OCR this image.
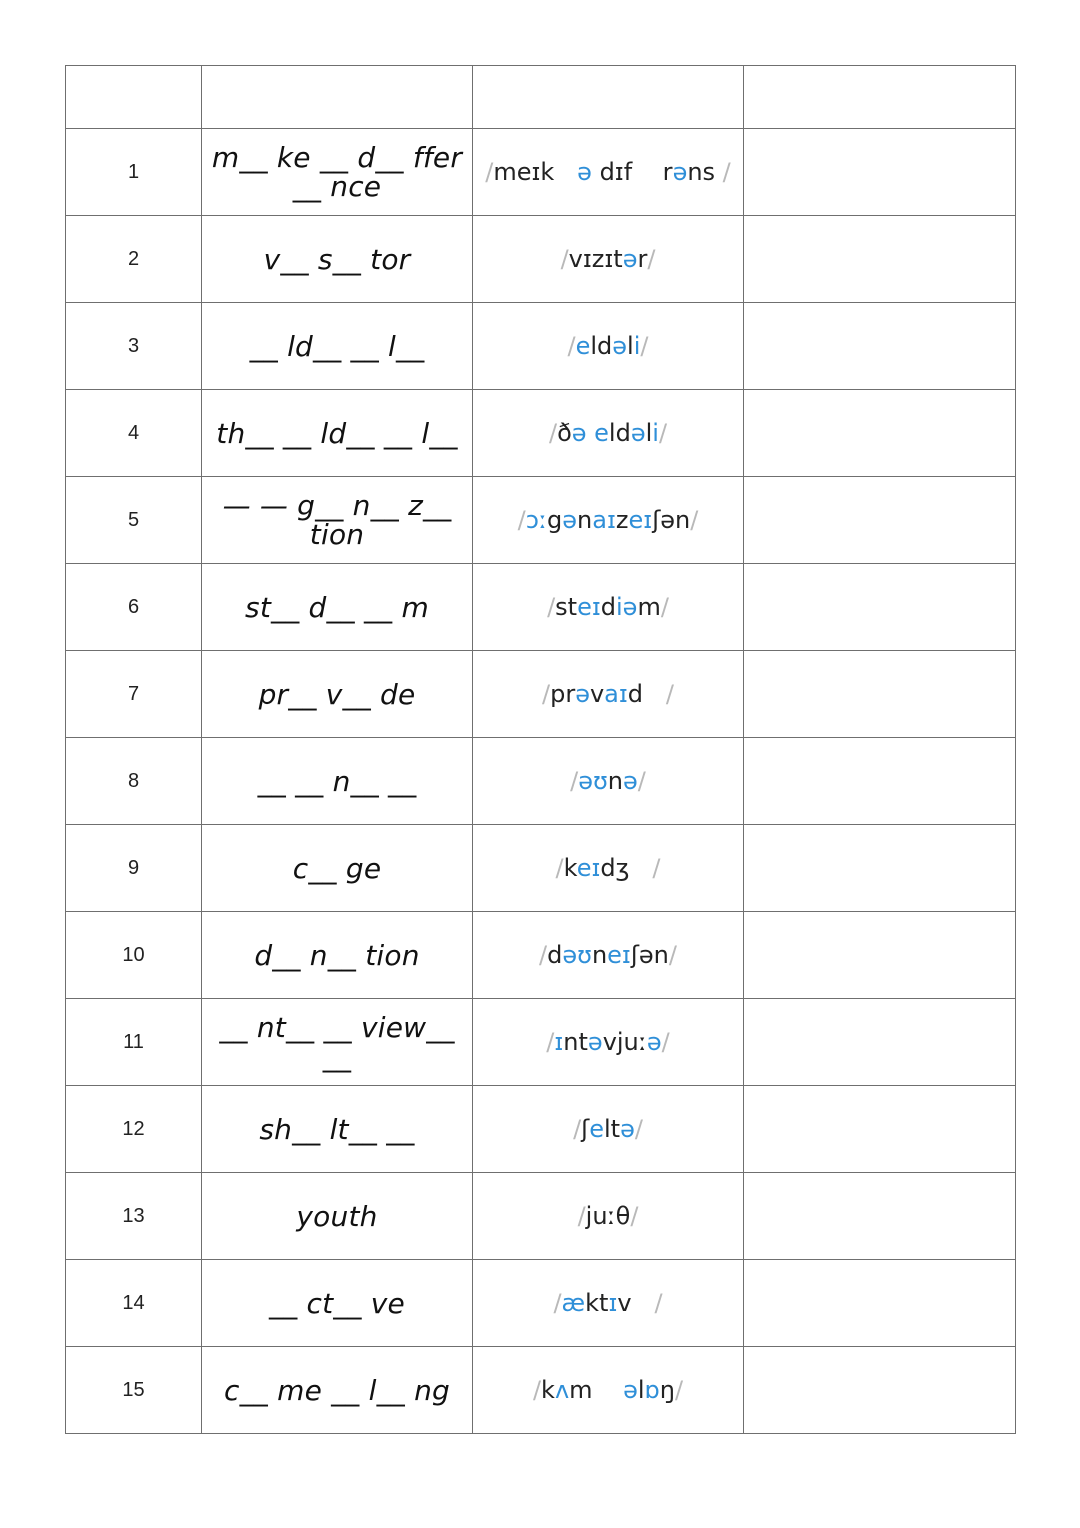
1	m__ ke __ d__ ffer __ nce	/meɪk   ə dɪf    rəns /	
2	v__ s__ tor	/vɪzɪtər/	
3	__ ld__ __ l__	/eldəli/	
4	th__ __ ld__ __ l__	/ðə eldəli/	
5	— — g__ n__ z__ tion	/ɔːgənaɪzeɪʃən/	
6	st__ d__ __ m	/steɪdiəm/	
7	pr__ v__ de	/prəvaɪd   /	
8	__ __ n__ __	/əʊnə/	
9	c__ ge	/keɪdʒ   /	
10	d__ n__ tion	/dəʊneɪʃən/	
11	__ nt__ __ view__ __	/ɪntəvjuːə/	
12	sh__ lt__ __	/ʃeltə/	
13	youth	/juːθ/	
14	__ ct__ ve	/æktɪv   /	
15	c__ me __ l__ ng	/kʌm    əlɒŋ/	
